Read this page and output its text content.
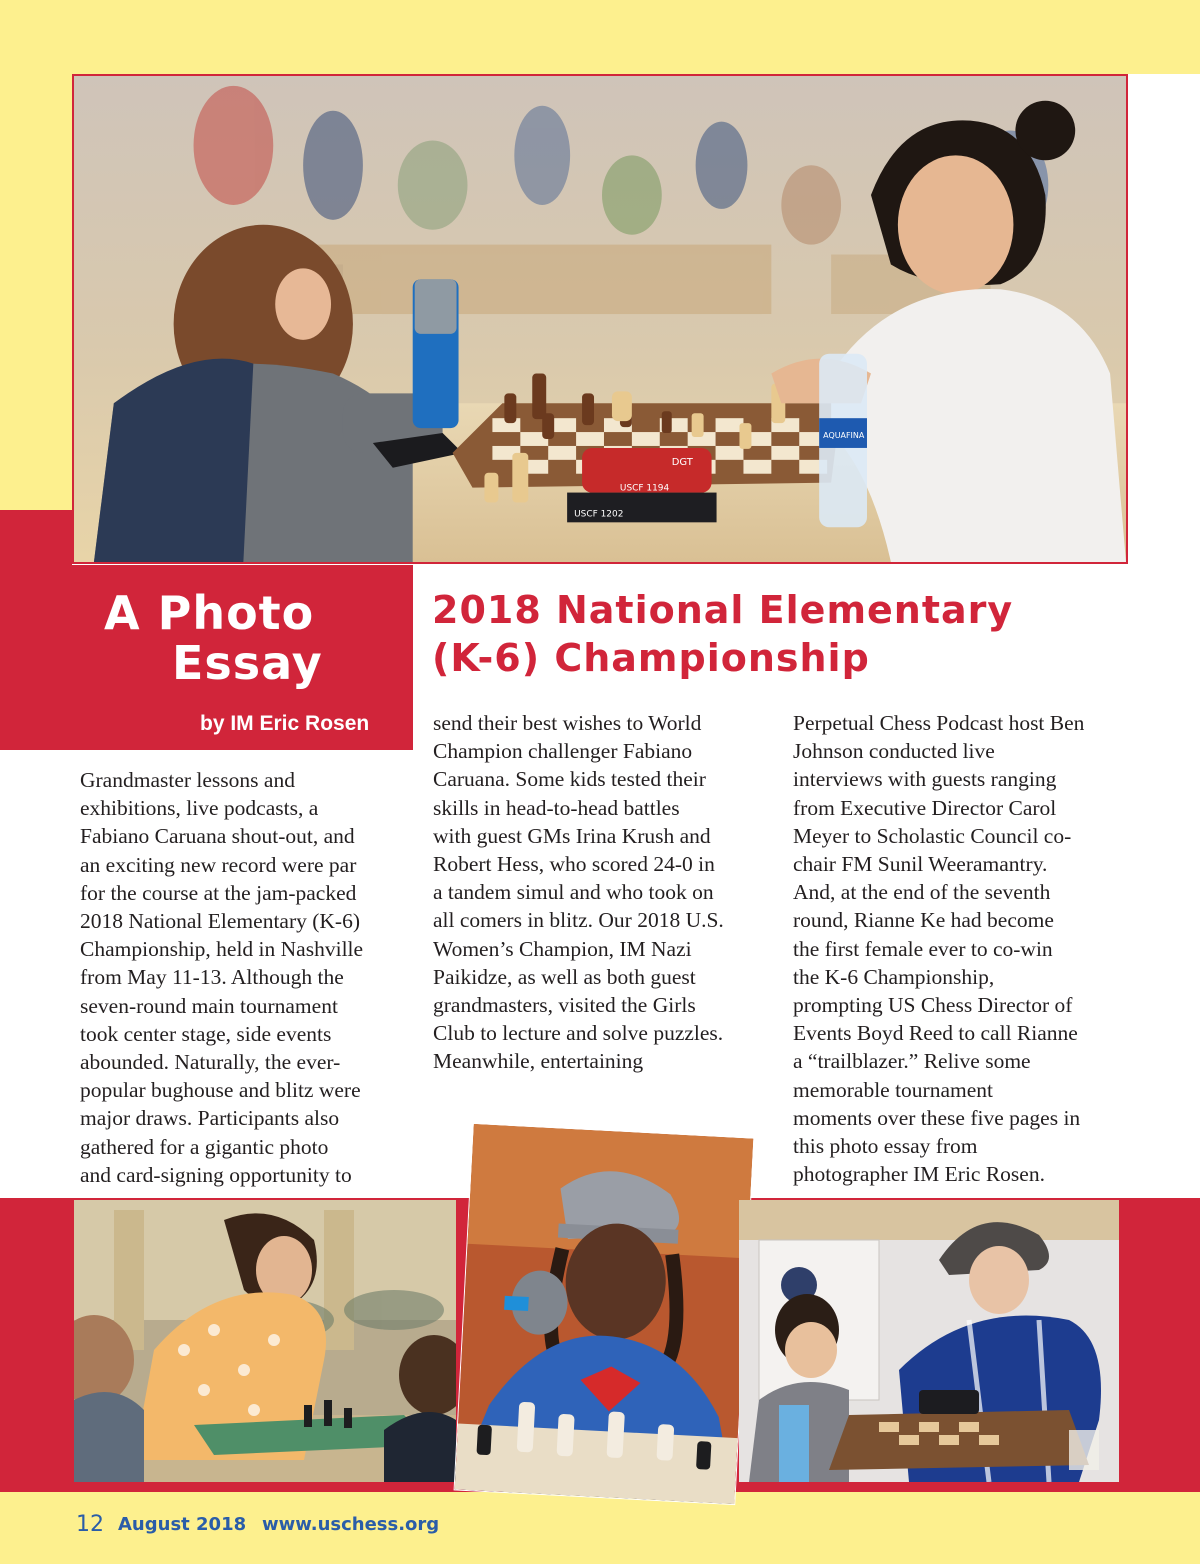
USCF 1194
USCF 1202
DGT
AQUAFINA
A Photo
Essay
by IM Eric Rosen
2018 National Elementary
(K-6) Championship

Grandmaster lessons and

exhibitions, live podcasts, a

Fabiano Caruana shout-out, and

an exciting new record were par

for the course at the jam-packed

2018 National Elementary (K-6)

Championship, held in Nashville

from May 11-13. Although the

seven-round main tournament

took center stage, side events

abounded. Naturally, the ever-

popular bughouse and blitz were

major draws. Participants also

gathered for a gigantic photo

and card-signing opportunity to

send their best wishes to World

Champion challenger Fabiano

Caruana. Some kids tested their

skills in head-to-head battles

with guest GMs Irina Krush and

Robert Hess, who scored 24-0 in

a tandem simul and who took on

all comers in blitz. Our 2018 U.S.

Women’s Champion, IM Nazi

Paikidze, as well as both guest

grandmasters, visited the Girls

Club to lecture and solve puzzles.

Meanwhile, entertaining

Perpetual Chess Podcast host Ben

Johnson conducted live

interviews with guests ranging

from Executive Director Carol

Meyer to Scholastic Council co-

chair FM Sunil Weeramantry.

And, at the end of the seventh

round, Rianne Ke had become

the first female ever to co-win

the K-6 Championship,

prompting US Chess Director of

Events Boyd Reed to call Rianne

a “trailblazer.” Relive some

memorable tournament

moments over these five pages in

this photo essay from

photographer IM Eric Rosen.

12 August 2018 www.uschess.org
